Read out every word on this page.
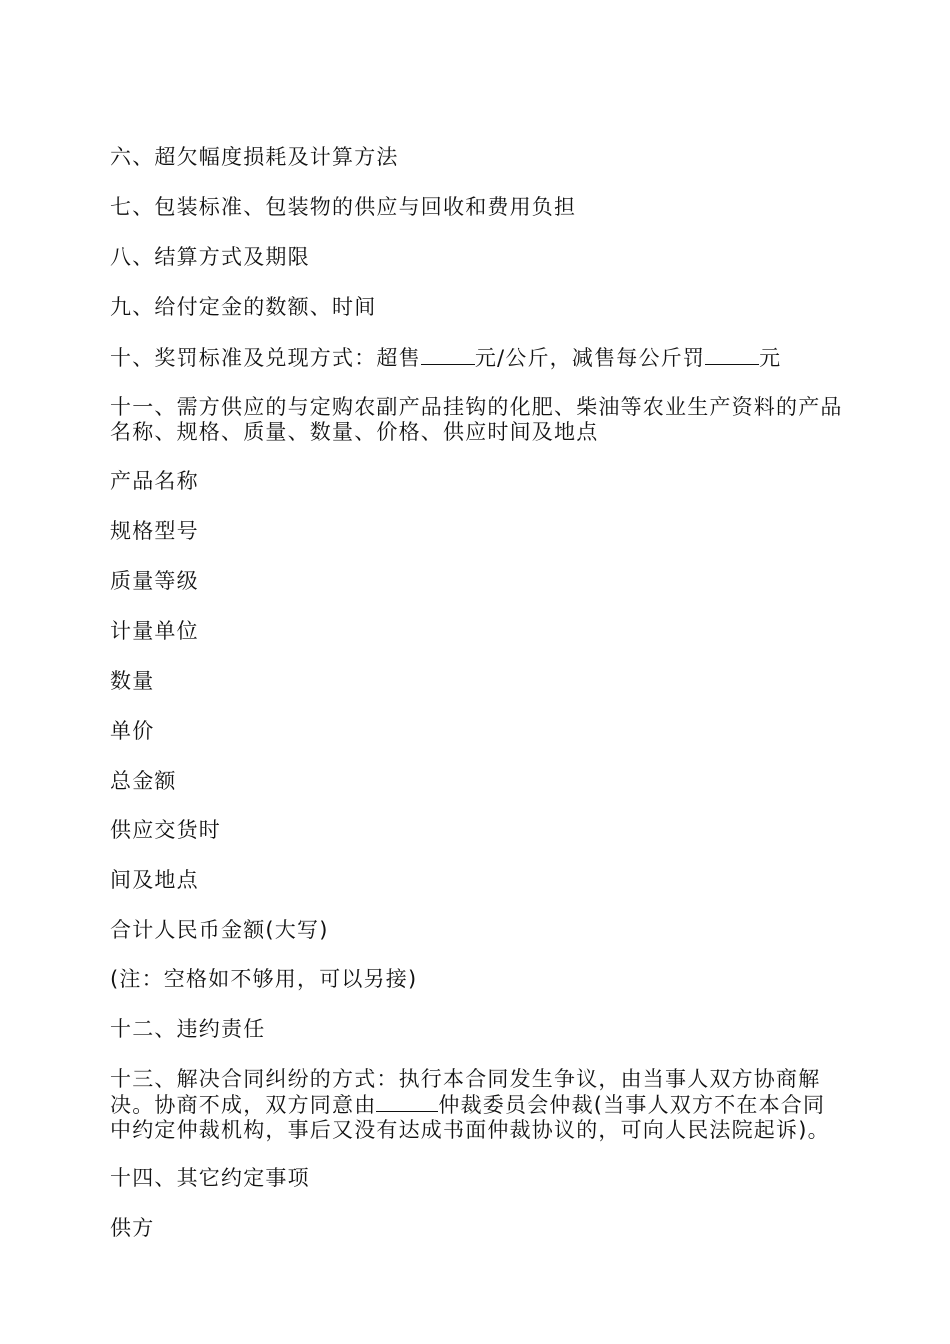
六、超欠幅度损耗及计算方法

七、包装标准、包装物的供应与回收和费用负担

八、结算方式及期限

九、给付定金的数额、时间

十、奖罚标准及兑现方式：超售	元/公斤，减售每公斤罚	元

十一、需方供应的与定购农副产品挂钩的化肥、柴油等农业生产资料的产品名称、规格、质量、数量、价格、供应时间及地点

产品名称

规格型号

质量等级

计量单位

数量

单价

总金额

供应交货时

间及地点

合计人民币金额(大写)

(注：空格如不够用，可以另接)

十二、违约责任

十三、解决合同纠纷的方式：执行本合同发生争议，由当事人双方协商解决。协商不成，双方同意由	仲裁委员会仲裁(当事人双方不在本合同中约定仲裁机构，事后又没有达成书面仲裁协议的，可向人民法院起诉)。

十四、其它约定事项

供方
